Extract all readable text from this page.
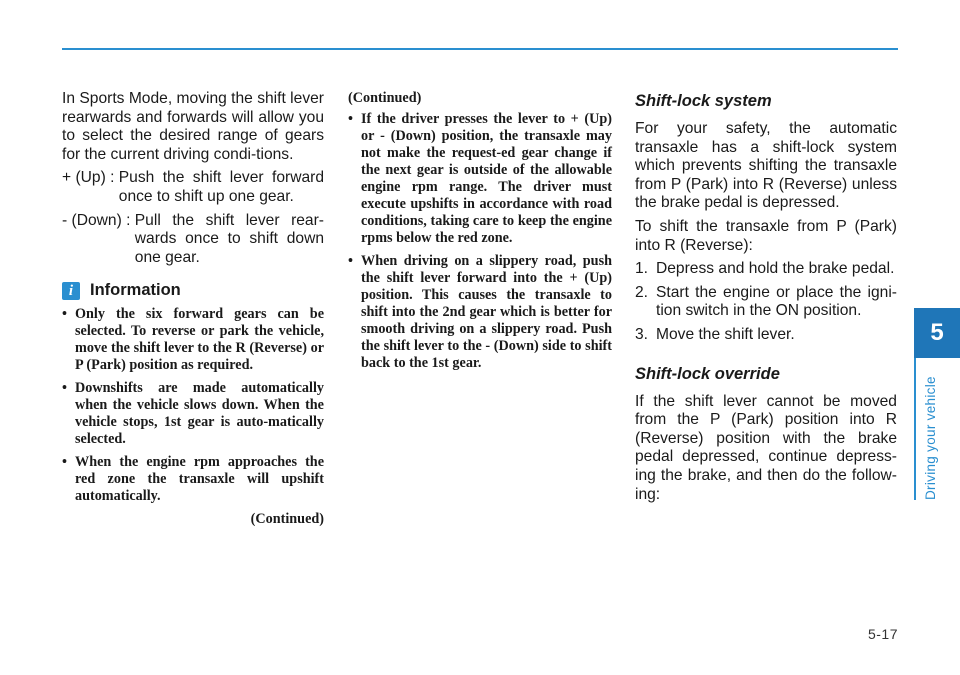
In Sports Mode, moving the shift lever rearwards and forwards will allow you to select the desired range of gears for the current driving condi-tions.

+ (Up) : Push the shift lever forward once to shift up one gear.
- (Down) : Pull the shift lever rear-wards once to shift down one gear.
i	Information
• Only the six forward gears can be selected. To reverse or park the vehicle, move the shift lever to the R (Reverse) or P (Park) position as required.
• Downshifts are made automatically when the vehicle slows down. When the vehicle stops, 1st gear is auto-matically selected.
• When the engine rpm approaches the red zone the transaxle will upshift automatically.

(Continued)

(Continued)

• If the driver presses the lever to + (Up) or - (Down) position, the transaxle may not make the request-ed gear change if the next gear is outside of the allowable engine rpm range. The driver must execute upshifts in accordance with road conditions, taking care to keep the engine rpms below the red zone.
• When driving on a slippery road, push the shift lever forward into the + (Up) position. This causes the transaxle to shift into the 2nd gear which is better for smooth driving on a slippery road. Push the shift lever to the - (Down) side to shift back to the 1st gear.
Shift-lock system

For your safety, the automatic transaxle has a shift-lock system which prevents shifting the transaxle from P (Park) into R (Reverse) unless the brake pedal is depressed.

To shift the transaxle from P (Park) into R (Reverse):

1. Depress and hold the brake pedal.
2. Start the engine or place the igni-tion switch in the ON position.
3. Move the shift lever.
Shift-lock override

If the shift lever cannot be moved from the P (Park) position into R (Reverse) position with the brake pedal depressed, continue depress-ing the brake, and then do the follow-ing:

5
Driving your vehicle
5-17
